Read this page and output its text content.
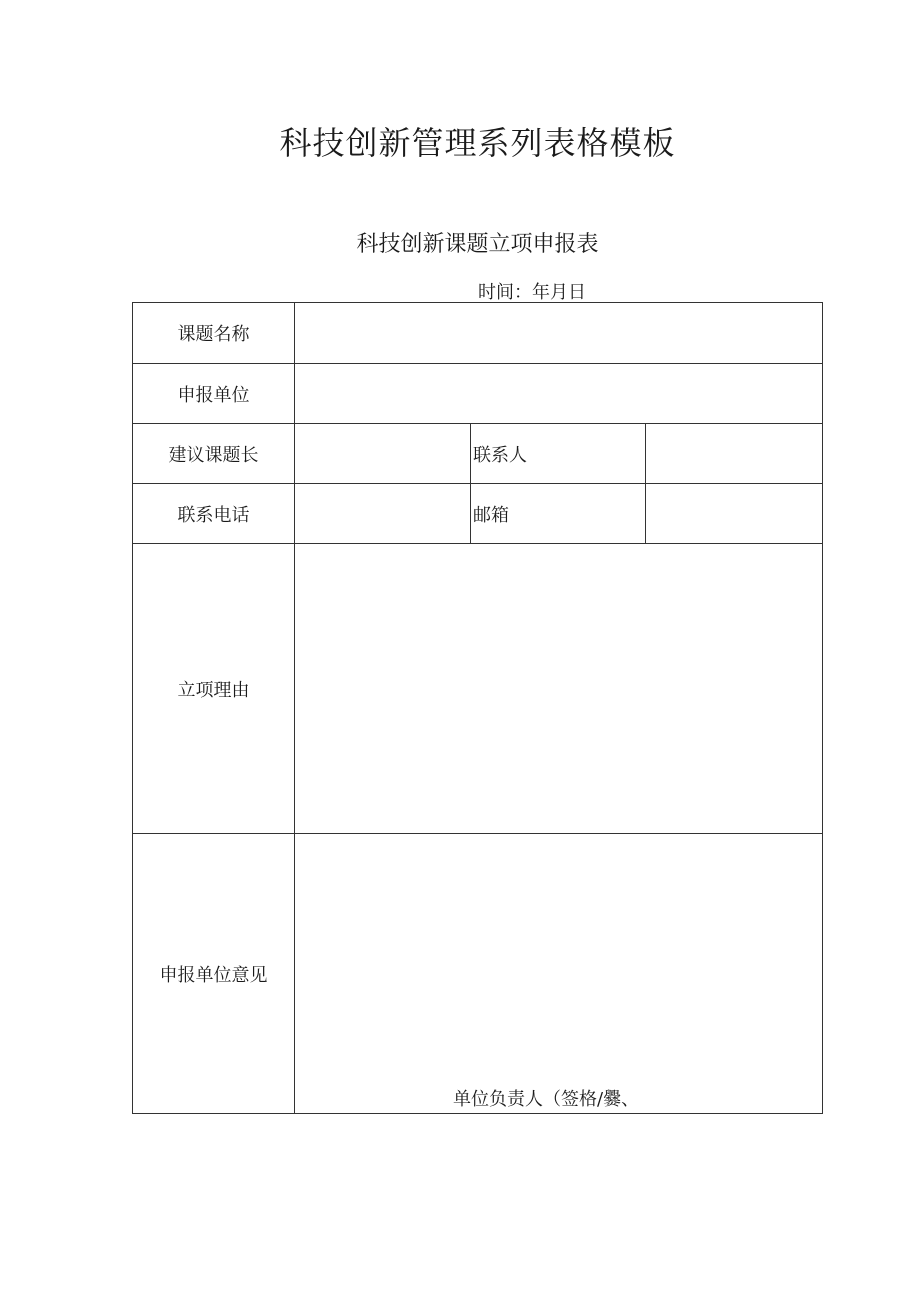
科技创新管理系列表格模板
科技创新课题立项申报表
时间：年月日
课题名称			
申报单位			
建议课题长		联系人	
联系电话		邮箱	
立项理由			
申报单位意见	单位负责人（签格/爨、		
